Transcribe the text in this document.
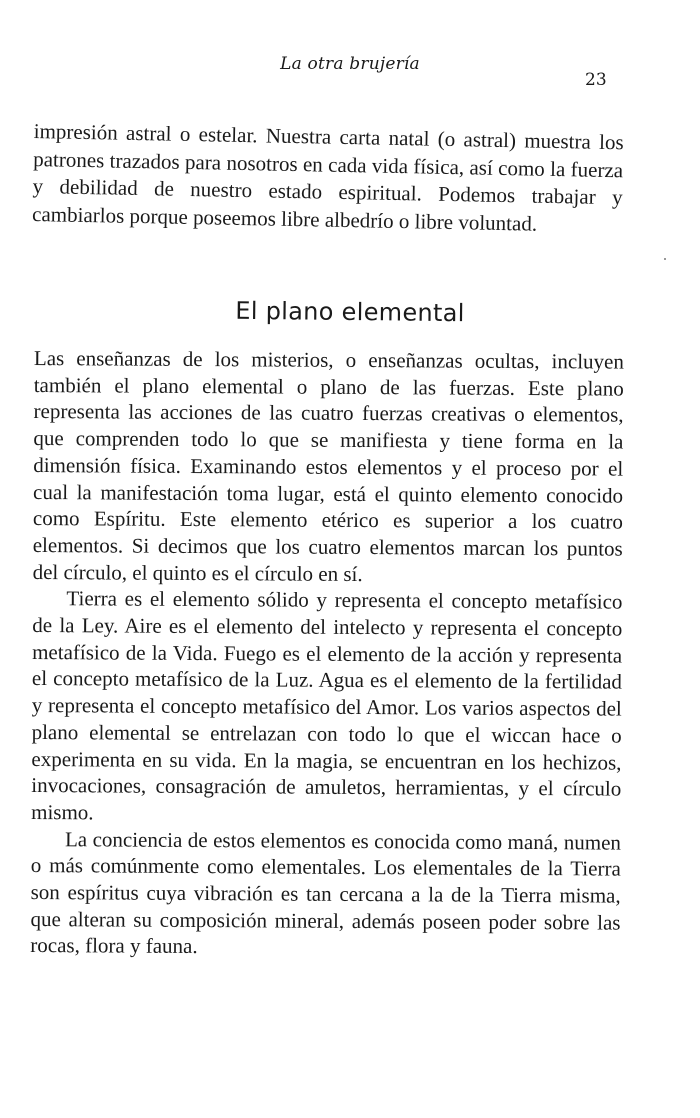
La otra brujería
23
impresión astral o estelar. Nuestra carta natal (o astral) muestra los patrones trazados para nosotros en cada vida física, así como la fuerza y debilidad de nuestro estado espiritual. Podemos trabajar y cambiarlos porque poseemos libre albedrío o libre voluntad.
El plano elemental

Las enseñanzas de los misterios, o enseñanzas ocultas, incluyen también el plano elemental o plano de las fuerzas. Este plano representa las acciones de las cuatro fuerzas creativas o elementos, que comprenden todo lo que se manifiesta y tiene forma en la dimensión física. Examinando estos elementos y el proceso por el cual la manifestación toma lugar, está el quinto elemento conocido como Espíritu. Este elemento etérico es superior a los cuatro elementos. Si decimos que los cuatro elementos marcan los puntos del círculo, el quinto es el círculo en sí.

Tierra es el elemento sólido y representa el concepto metafísico de la Ley. Aire es el elemento del intelecto y representa el concepto metafísico de la Vida. Fuego es el elemento de la acción y representa el concepto metafísico de la Luz. Agua es el elemento de la fertilidad y representa el concepto metafísico del Amor. Los varios aspectos del plano elemental se entrelazan con todo lo que el wiccan hace o experimenta en su vida. En la magia, se encuentran en los hechizos, invocaciones, consagración de amuletos, herramientas, y el círculo mismo.

La conciencia de estos elementos es conocida como maná, numen o más comúnmente como elementales. Los elementales de la Tierra son espíritus cuya vibración es tan cercana a la de la Tierra misma, que alteran su composición mineral, además poseen poder sobre las rocas, flora y fauna.
